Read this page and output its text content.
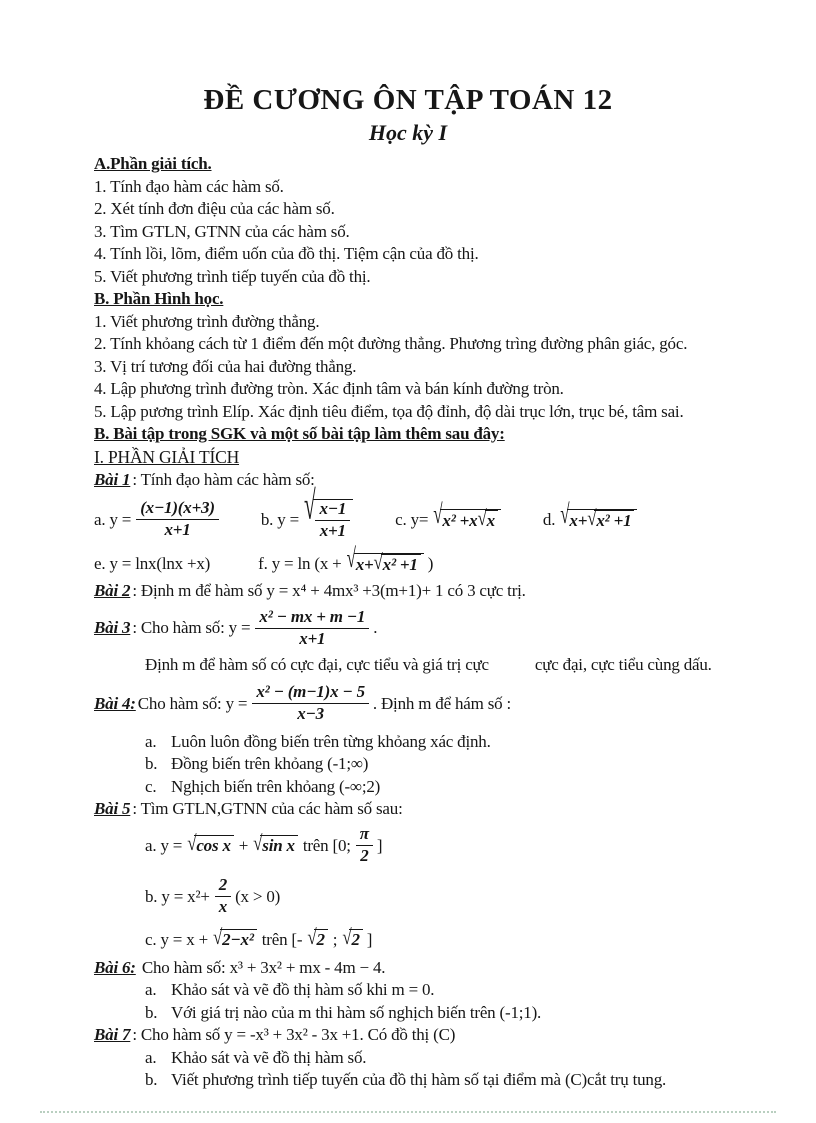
ĐỀ CƯƠNG ÔN TẬP TOÁN 12
Học kỳ I
A.Phần giải tích.
1. Tính đạo hàm các hàm số.
2. Xét tính đơn điệu của các hàm số.
3. Tìm GTLN, GTNN của các hàm số.
4. Tính lồi, lõm, điểm uốn của đồ thị. Tiệm cận của đồ thị.
5. Viết phương trình tiếp tuyến của đồ thị.
B. Phần Hình học.
1. Viết phương trình đường thẳng.
2. Tính khỏang cách từ 1 điểm đến một đường thẳng. Phương trìng đường phân giác, góc.
3. Vị trí tương đối của hai đường thẳng.
4. Lập phương trình đường tròn. Xác định tâm và bán kính đường tròn.
5. Lập pương trình Elíp. Xác định tiêu điểm, tọa độ đỉnh, độ dài trục lớn, trục bé, tâm sai.
B. Bài tập trong SGK và một số bài tập làm thêm sau đây:
I. PHẦN GIẢI TÍCH
Bài 1 : Tính đạo hàm các hàm số:
a. $y = \frac{(x-1)(x+3)}{x+1} b$. y = √ $\frac{x-1}{x+1}$	c. y= √x² +x√x	d. √x+√x² +1
e. y = lnx(lnx +x)	f. y = ln (x + √x+√x² +1 )
Bài 2 : Định m để hàm số y = x⁴ + 4mx³ +3(m+1)+ 1 có 3 cực trị.
Bài 3 : Cho hàm số: $y = \frac{\text{x² − mx + m −1}}{x+1}$ .
Định m để hàm số có cực đại, cực tiểu và giá trị cực	cực đại, cực tiểu cùng dấu.
Bài 4: Cho hàm số: $y = \frac{\text{x² − (m−1)x − 5}}{x-3}$ . Định m để hám số :
a. Luôn luôn đồng biến trên từng khỏang xác định.
b. Đồng biến trên khỏang (-1;∞)
c. Nghịch biến trên khỏang (-∞;2)
Bài 5 : Tìm GTLN,GTNN của các hàm số sau:
a. y = √cos x + √sin x trên [0; $\frac{\pi}{2}$ ]
b. $y = x^2+ \frac{2}{x} (x > 0)$
c. y = x + √2−x² trên [- √2 ; √2 ]
Bài 6: Cho hàm số: x³ + 3x² + mx - 4m − 4.
a. Khảo sát và vẽ đồ thị hàm số khi m = 0.
b. Với giá trị nào của m thi hàm số nghịch biến trên (-1;1).
Bài 7 : Cho hàm số y = -x³ + 3x² - 3x +1. Có đồ thị (C)
a. Khảo sát và vẽ đồ thị hàm số.
b. Viết phương trình tiếp tuyến của đồ thị hàm số tại điểm mà (C)cắt trụ tung.
